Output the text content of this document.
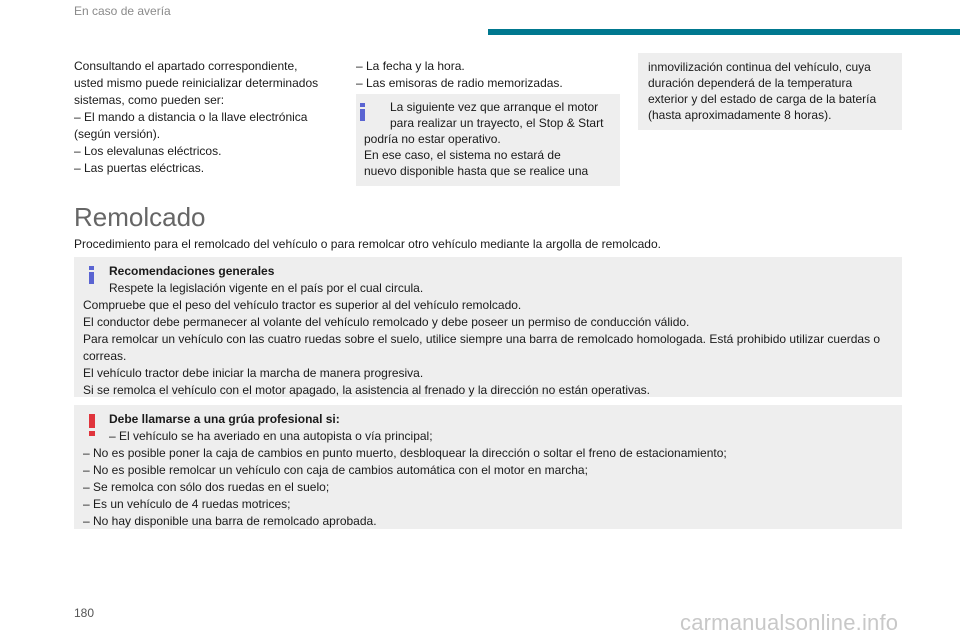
En caso de avería
Consultando el apartado correspondiente,
usted mismo puede reinicializar determinados
sistemas, como pueden ser:
– El mando a distancia o la llave electrónica
(según versión).
– Los elevalunas eléctricos.
– Las puertas eléctricas.
– La fecha y la hora.
– Las emisoras de radio memorizadas.
La siguiente vez que arranque el motor
para realizar un trayecto, el Stop & Start
podría no estar operativo.
En ese caso, el sistema no estará de
nuevo disponible hasta que se realice una
inmovilización continua del vehículo, cuya
duración dependerá de la temperatura
exterior y del estado de carga de la batería
(hasta aproximadamente 8 horas).
Remolcado
Procedimiento para el remolcado del vehículo o para remolcar otro vehículo mediante la argolla de remolcado.
Recomendaciones generales
Respete la legislación vigente en el país por el cual circula.
Compruebe que el peso del vehículo tractor es superior al del vehículo remolcado.
El conductor debe permanecer al volante del vehículo remolcado y debe poseer un permiso de conducción válido.
Para remolcar un vehículo con las cuatro ruedas sobre el suelo, utilice siempre una barra de remolcado homologada. Está prohibido utilizar cuerdas o
correas.
El vehículo tractor debe iniciar la marcha de manera progresiva.
Si se remolca el vehículo con el motor apagado, la asistencia al frenado y la dirección no están operativas.
Debe llamarse a una grúa profesional si:
– El vehículo se ha averiado en una autopista o vía principal;
– No es posible poner la caja de cambios en punto muerto, desbloquear la dirección o soltar el freno de estacionamiento;
– No es posible remolcar un vehículo con caja de cambios automática con el motor en marcha;
– Se remolca con sólo dos ruedas en el suelo;
– Es un vehículo de 4 ruedas motrices;
– No hay disponible una barra de remolcado aprobada.
180	carmanualsonline.info
